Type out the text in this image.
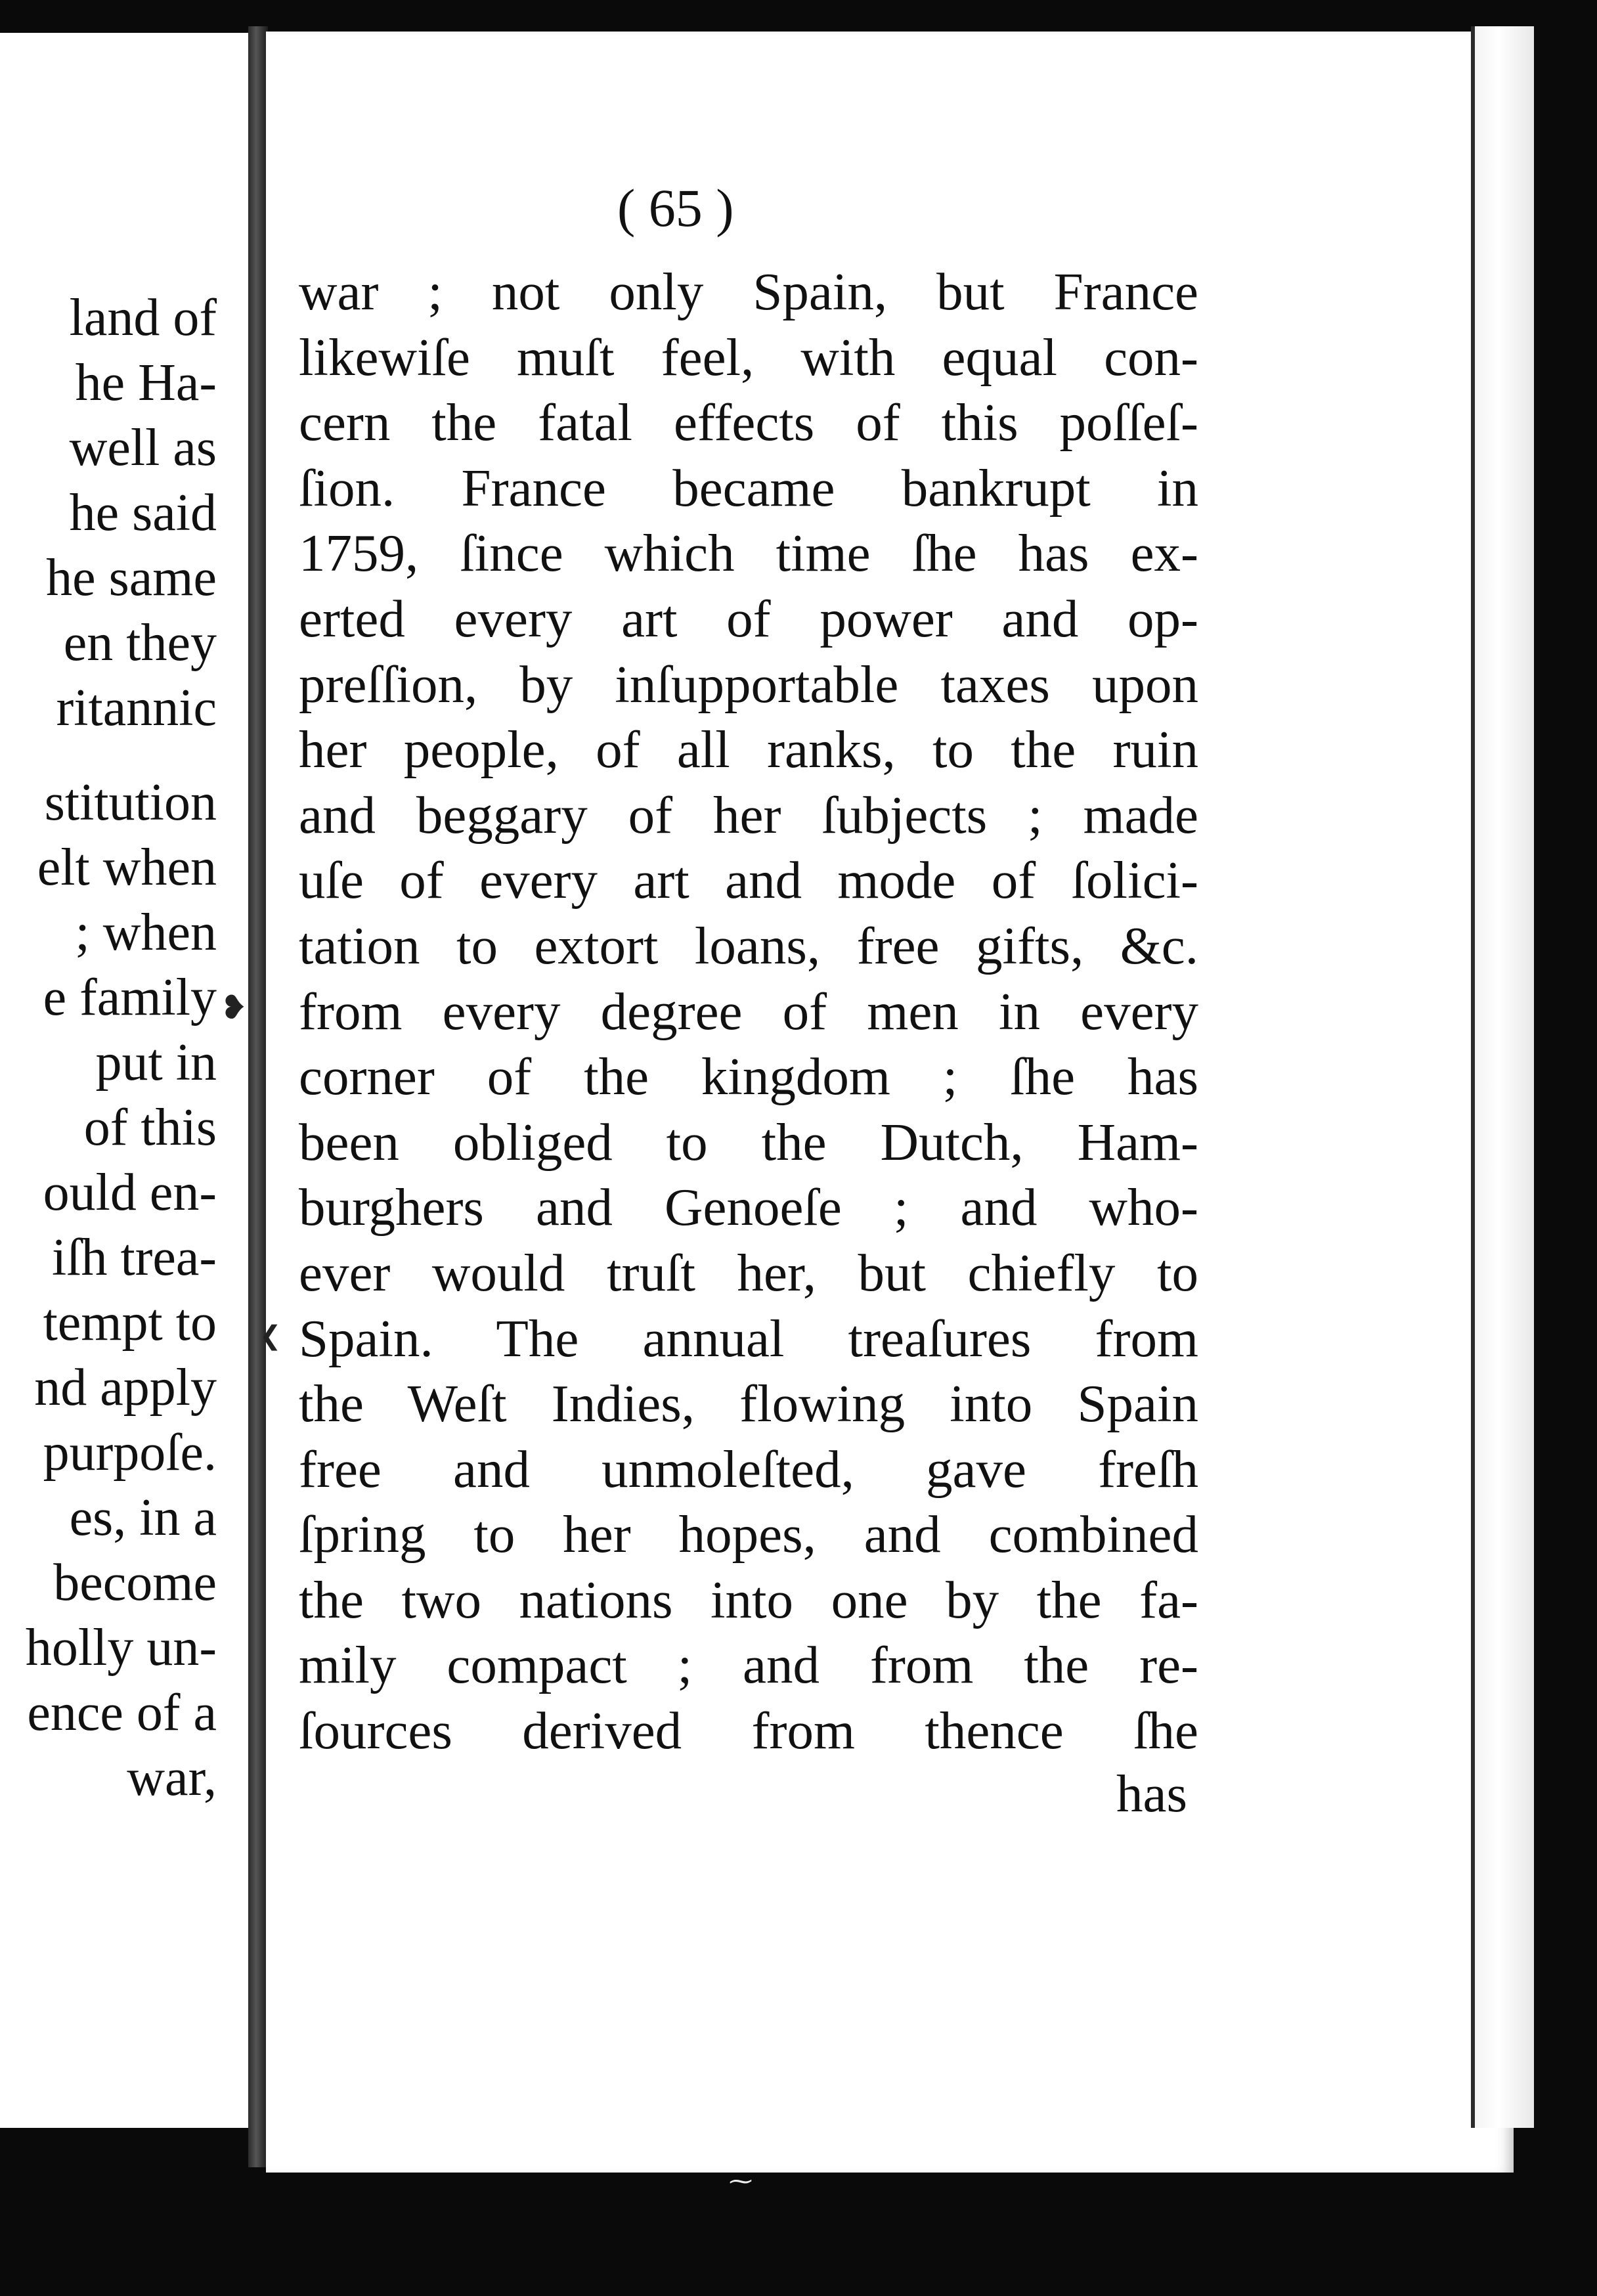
land of
he Ha-
well as
he said
he same
en they
ritannic
stitution
elt when
; when
e family
put in
of this
ould en-
iſh trea-
tempt to
nd apply
purpoſe.
es, in a
become
holly un-
ence of a
war,
( 65 )
war ; not only Spain, but France
likewiſe muſt feel, with equal con-
cern the fatal effects of this poſſeſ-
ſion. France became bankrupt in
1759, ſince which time ſhe has ex-
erted every art of power and op-
preſſion, by inſupportable taxes upon
her people, of all ranks, to the ruin
and beggary of her ſubjects ; made
uſe of every art and mode of ſolici-
tation to extort loans, free gifts, &c.
from every degree of men in every
corner of the kingdom ; ſhe has
been obliged to the Dutch, Ham-
burghers and Genoeſe ; and who-
ever would truſt her, but chiefly to
Spain. The annual treaſures from
the Weſt Indies, flowing into Spain
free and unmoleſted, gave freſh
ſpring to her hopes, and combined
the two nations into one by the fa-
mily compact ; and from the re-
ſources derived from thence ſhe
has
❥
❮
⁓
